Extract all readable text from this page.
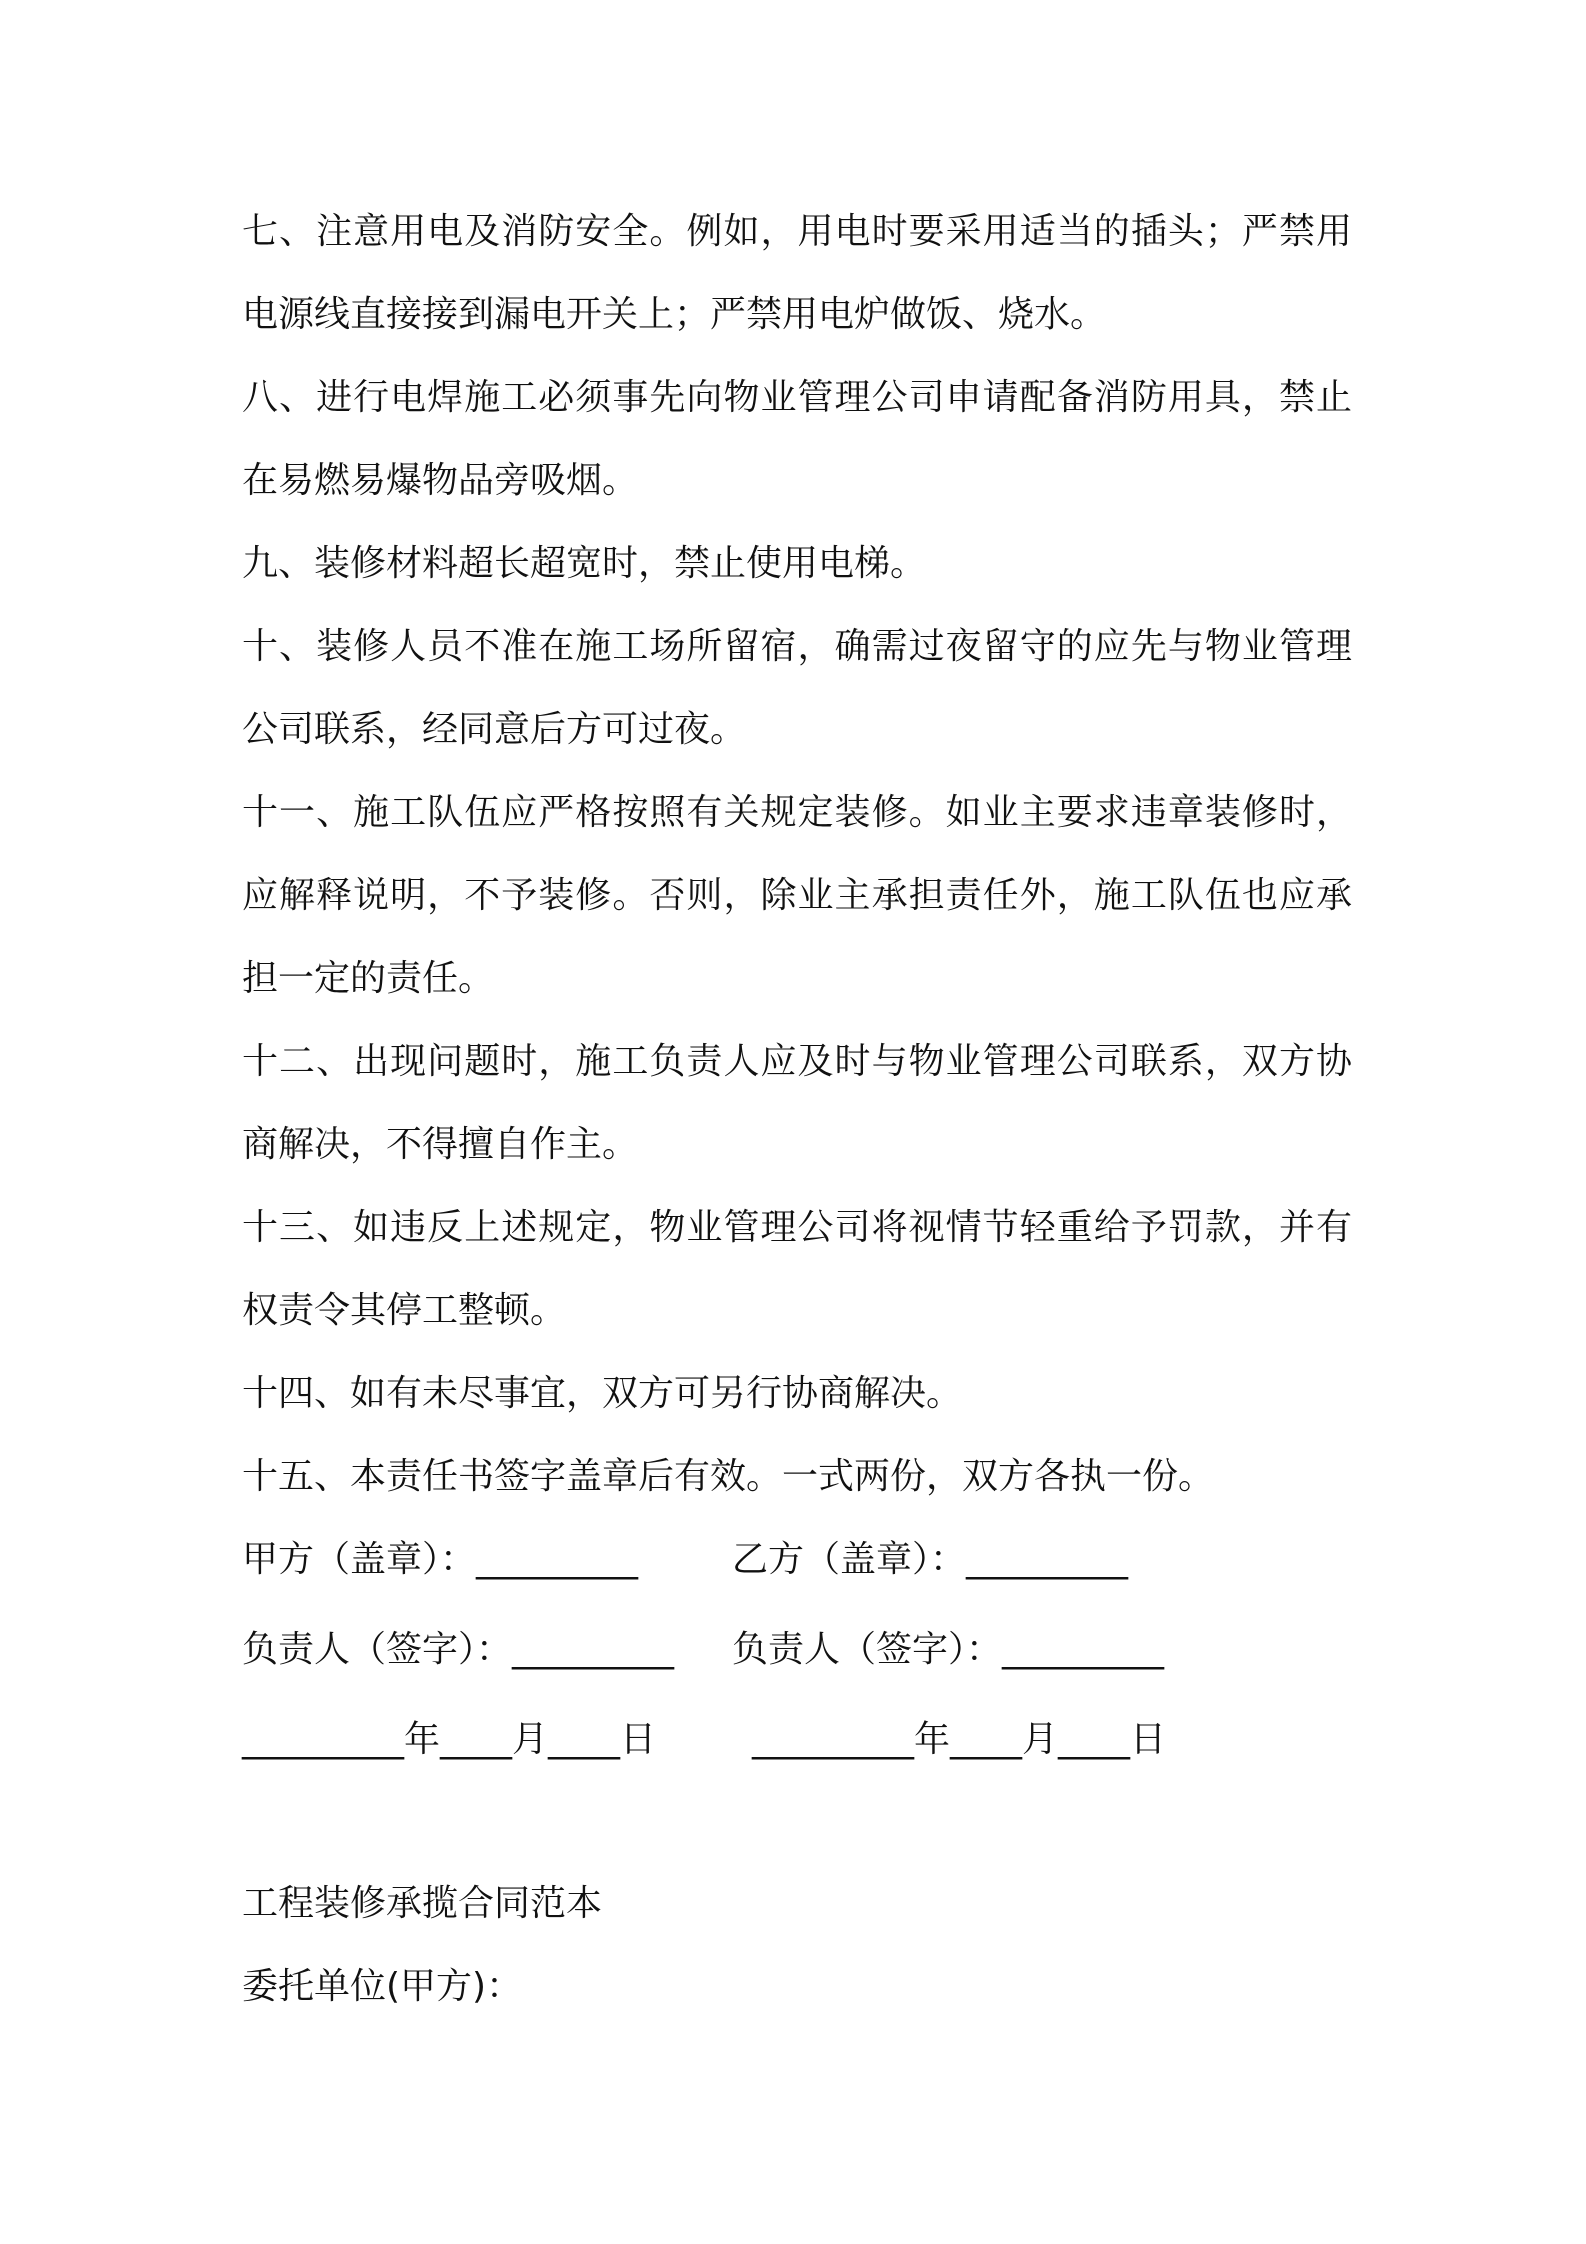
七、注意用电及消防安全。例如，用电时要采用适当的插头；严禁用电源线直接接到漏电开关上；严禁用电炉做饭、烧水。

八、进行电焊施工必须事先向物业管理公司申请配备消防用具，禁止在易燃易爆物品旁吸烟。

九、装修材料超长超宽时，禁止使用电梯。

十、装修人员不准在施工场所留宿，确需过夜留守的应先与物业管理公司联系，经同意后方可过夜。

十一、施工队伍应严格按照有关规定装修。如业主要求违章装修时，应解释说明，不予装修。否则，除业主承担责任外，施工队伍也应承担一定的责任。

十二、出现问题时，施工负责人应及时与物业管理公司联系，双方协商解决，不得擅自作主。

十三、如违反上述规定，物业管理公司将视情节轻重给予罚款，并有权责令其停工整顿。

十四、如有未尽事宜，双方可另行协商解决。

十五、本责任书签字盖章后有效。一式两份，双方各执一份。

甲方（盖章）：_________

	乙方（盖章）：_________

负责人（签字）：_________

负责人（签字）：_________

_________年____月____日

	_________年____月____日

工程装修承揽合同范本

委托单位(甲方)：
